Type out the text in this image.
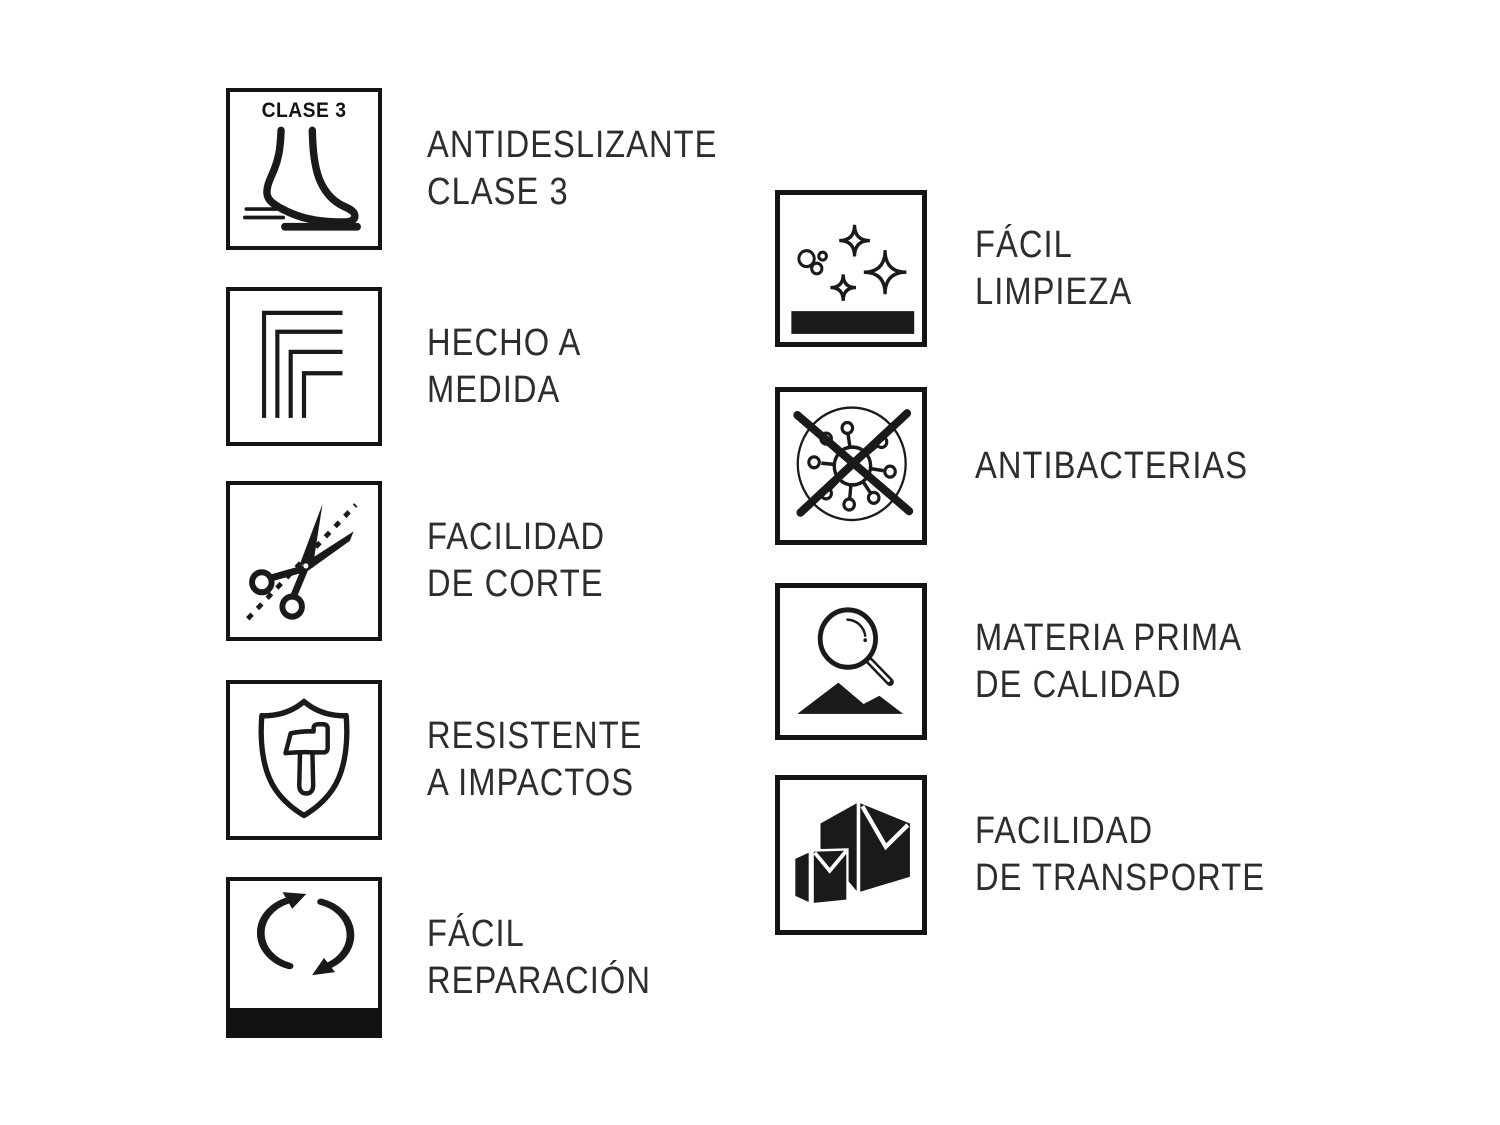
CLASE 3
ANTIDESLIZANTE
CLASE 3
HECHO A
MEDIDA
FACILIDAD
DE CORTE
RESISTENTE
A IMPACTOS
FÁCIL
REPARACIÓN
FÁCIL
LIMPIEZA
ANTIBACTERIAS
MATERIA PRIMA
DE CALIDAD
FACILIDAD
DE TRANSPORTE
